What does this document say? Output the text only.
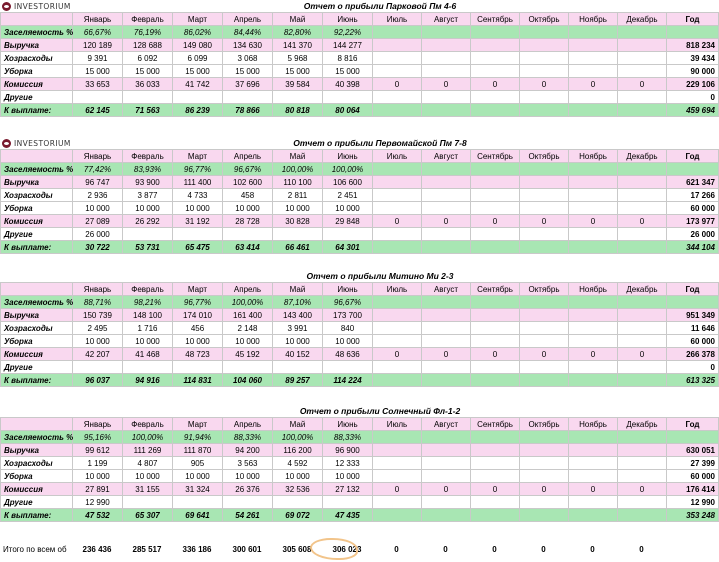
INVESTORIUM	Отчет о прибыли Парковой Пм 4-6
	Январь	Февраль	Март	Апрель	Май	Июнь	Июль	Август	Сентябрь	Октябрь	Ноябрь	Декабрь	Год
Заселяемость %	66,67%	76,19%	86,02%	84,44%	82,80%	92,22%							
Выручка	120 189	128 688	149 080	134 630	141 370	144 277							818 234
Хозрасходы	9 391	6 092	6 099	3 068	5 968	8 816							39 434
Уборка	15 000	15 000	15 000	15 000	15 000	15 000							90 000
Комиссия	33 653	36 033	41 742	37 696	39 584	40 398	0	0	0	0	0	0	229 106
Другие													0
К выплате:	62 145	71 563	86 239	78 866	80 818	80 064							459 694
INVESTORIUM	Отчет о прибыли Первомайской Пм 7-8
	Январь	Февраль	Март	Апрель	Май	Июнь	Июль	Август	Сентябрь	Октябрь	Ноябрь	Декабрь	Год
Заселяемость %	77,42%	83,93%	96,77%	96,67%	100,00%	100,00%							
Выручка	96 747	93 900	111 400	102 600	110 100	106 600							621 347
Хозрасходы	2 936	3 877	4 733	458	2 811	2 451							17 266
Уборка	10 000	10 000	10 000	10 000	10 000	10 000							60 000
Комиссия	27 089	26 292	31 192	28 728	30 828	29 848	0	0	0	0	0	0	173 977
Другие	26 000												26 000
К выплате:	30 722	53 731	65 475	63 414	66 461	64 301							344 104
Отчет о прибыли Митино Ми 2-3
	Январь	Февраль	Март	Апрель	Май	Июнь	Июль	Август	Сентябрь	Октябрь	Ноябрь	Декабрь	Год
Заселяемость %	88,71%	98,21%	96,77%	100,00%	87,10%	96,67%							
Выручка	150 739	148 100	174 010	161 400	143 400	173 700							951 349
Хозрасходы	2 495	1 716	456	2 148	3 991	840							11 646
Уборка	10 000	10 000	10 000	10 000	10 000	10 000							60 000
Комиссия	42 207	41 468	48 723	45 192	40 152	48 636	0	0	0	0	0	0	266 378
Другие													0
К выплате:	96 037	94 916	114 831	104 060	89 257	114 224							613 325
Отчет о прибыли Солнечный Фл-1-2
	Январь	Февраль	Март	Апрель	Май	Июнь	Июль	Август	Сентябрь	Октябрь	Ноябрь	Декабрь	Год
Заселяемость %	95,16%	100,00%	91,94%	88,33%	100,00%	88,33%							
Выручка	99 612	111 269	111 870	94 200	116 200	96 900							630 051
Хозрасходы	1 199	4 807	905	3 563	4 592	12 333							27 399
Уборка	10 000	10 000	10 000	10 000	10 000	10 000							60 000
Комиссия	27 891	31 155	31 324	26 376	32 536	27 132	0	0	0	0	0	0	176 414
Другие	12 990												12 990
К выплате:	47 532	65 307	69 641	54 261	69 072	47 435							353 248
Итого по всем об	236 436	285 517	336 186	300 601	305 608	306 023	0	0	0	0	0	0	
